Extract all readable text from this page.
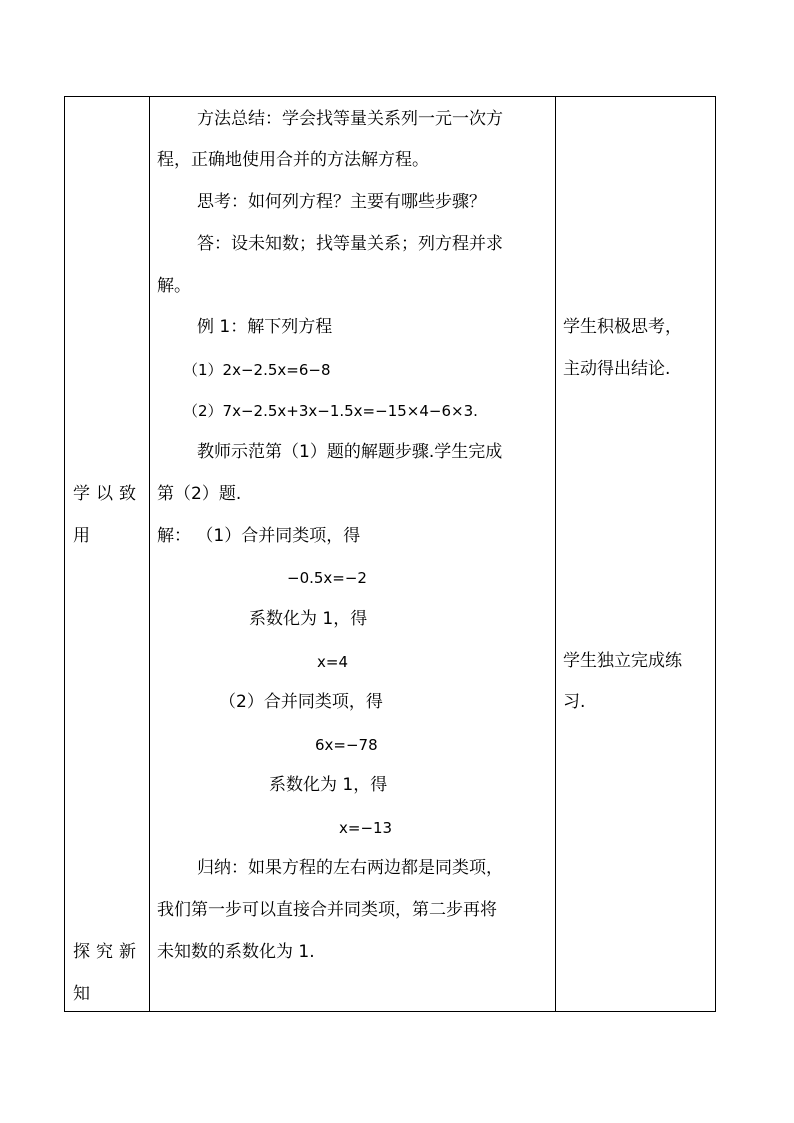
学以致
用
探究新
知
方法总结：学会找等量关系列一元一次方
程，正确地使用合并的方法解方程。
思考：如何列方程？主要有哪些步骤？
答：设未知数；找等量关系；列方程并求
解。
例 1：解下列方程
（1）2x−2.5x=6−8
（2）7x−2.5x+3x−1.5x=−15×4−6×3.
教师示范第（1）题的解题步骤.学生完成
第（2）题.
解： （1）合并同类项，得
−0.5x=−2
系数化为 1，得
x=4
（2）合并同类项，得
6x=−78
系数化为 1，得
x=−13
归纳：如果方程的左右两边都是同类项，
我们第一步可以直接合并同类项，第二步再将
未知数的系数化为 1.
学生积极思考，
主动得出结论.
学生独立完成练
习.
